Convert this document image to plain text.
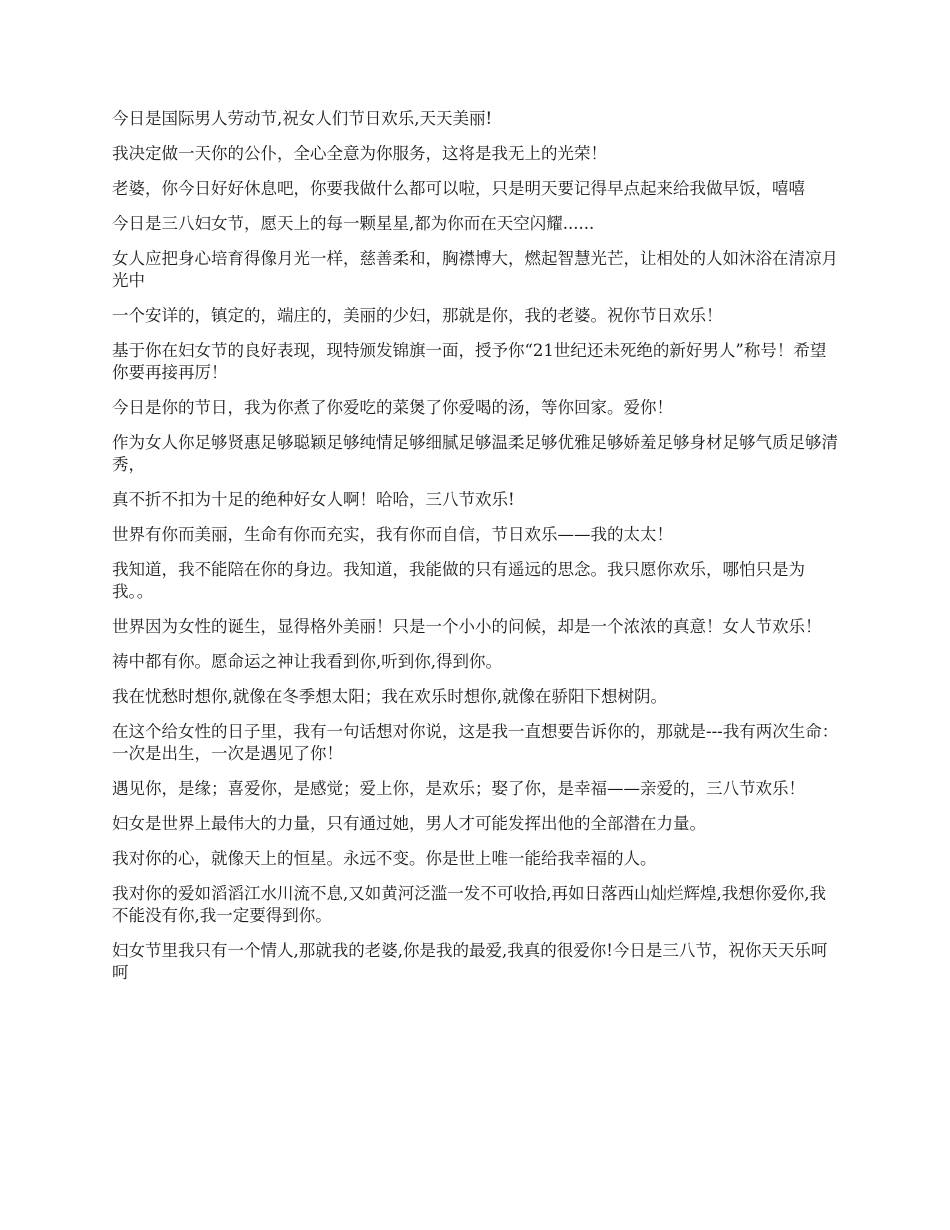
今日是国际男人劳动节,祝女人们节日欢乐,天天美丽!

我决定做一天你的公仆，全心全意为你服务，这将是我无上的光荣！

老婆，你今日好好休息吧，你要我做什么都可以啦，只是明天要记得早点起来给我做早饭，嘻嘻

今日是三八妇女节，愿天上的每一颗星星,都为你而在天空闪耀......

女人应把身心培育得像月光一样，慈善柔和，胸襟博大，燃起智慧光芒，让相处的人如沐浴在清凉月光中

一个安详的，镇定的，端庄的，美丽的少妇，那就是你，我的老婆。祝你节日欢乐！

基于你在妇女节的良好表现，现特颁发锦旗一面，授予你“21世纪还未死绝的新好男人”称号！希望你要再接再厉！

今日是你的节日，我为你煮了你爱吃的菜煲了你爱喝的汤，等你回家。爱你！

作为女人你足够贤惠足够聪颖足够纯情足够细腻足够温柔足够优雅足够娇羞足够身材足够气质足够清秀，

真不折不扣为十足的绝种好女人啊！哈哈，三八节欢乐!

世界有你而美丽，生命有你而充实，我有你而自信，节日欢乐——我的太太！

我知道，我不能陪在你的身边。我知道，我能做的只有遥远的思念。我只愿你欢乐，哪怕只是为我。。

世界因为女性的诞生，显得格外美丽！只是一个小小的问候，却是一个浓浓的真意！女人节欢乐！

祷中都有你。愿命运之神让我看到你,听到你,得到你。

我在忧愁时想你,就像在冬季想太阳；我在欢乐时想你,就像在骄阳下想树阴。

在这个给女性的日子里，我有一句话想对你说，这是我一直想要告诉你的，那就是---我有两次生命：一次是出生，一次是遇见了你！

遇见你，是缘；喜爱你，是感觉；爱上你，是欢乐；娶了你，是幸福——亲爱的，三八节欢乐！

妇女是世界上最伟大的力量，只有通过她，男人才可能发挥出他的全部潜在力量。

我对你的心，就像天上的恒星。永远不变。你是世上唯一能给我幸福的人。

我对你的爱如滔滔江水川流不息,又如黄河泛滥一发不可收拾,再如日落西山灿烂辉煌,我想你爱你,我不能没有你,我一定要得到你。

妇女节里我只有一个情人,那就我的老婆,你是我的最爱,我真的很爱你!今日是三八节，祝你天天乐呵呵
